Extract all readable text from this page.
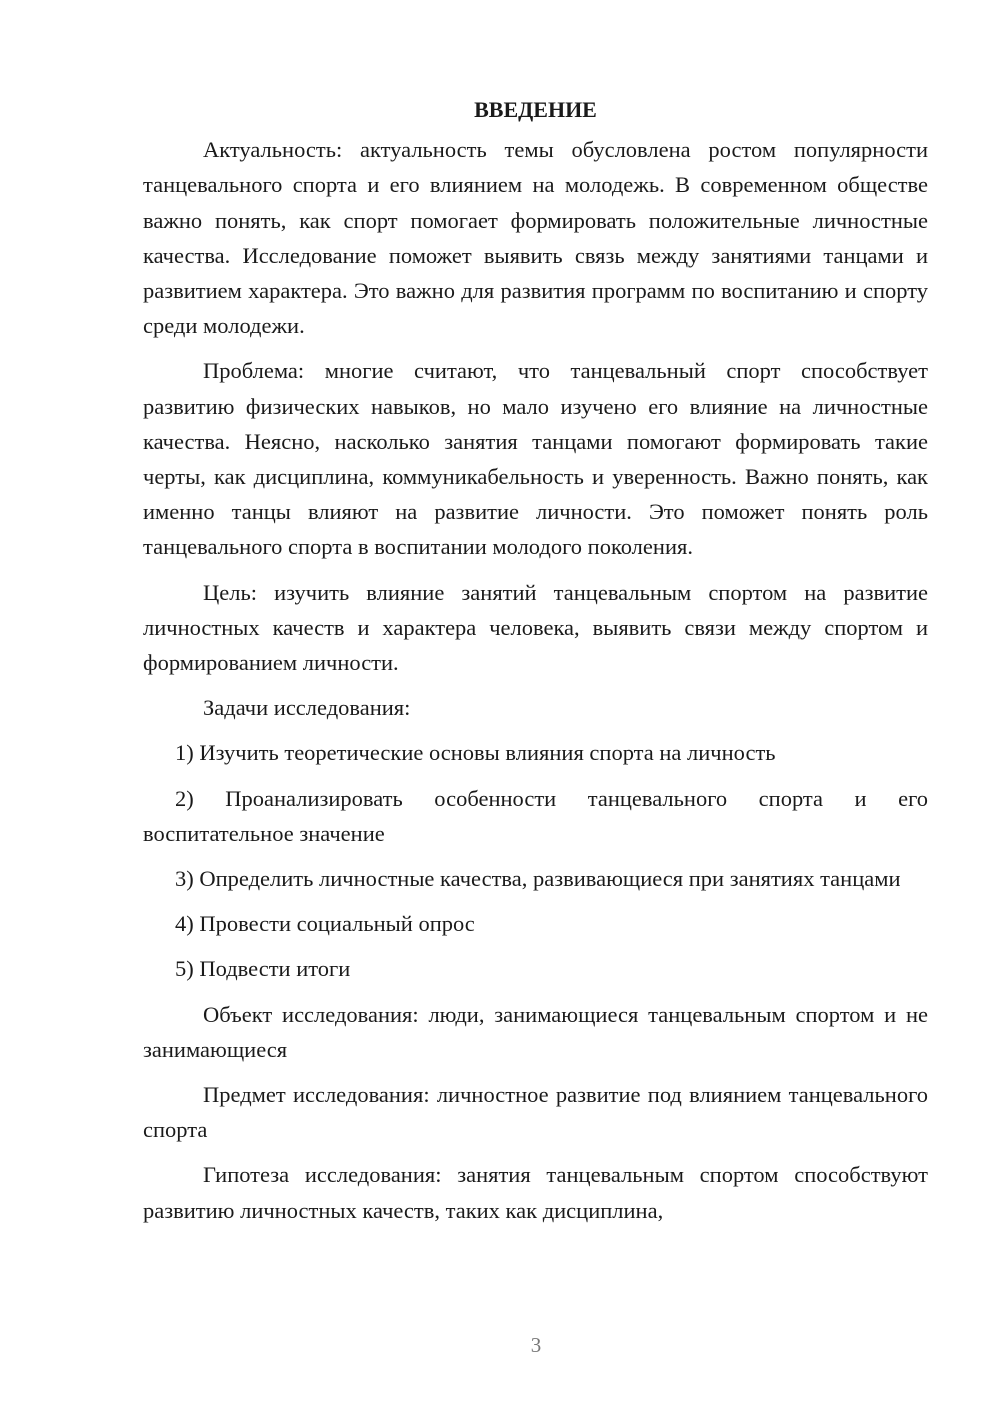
ВВЕДЕНИЕ

Актуальность: актуальность темы обусловлена ростом популярности танцевального спорта и его влиянием на молодежь. В современном обществе важно понять, как спорт помогает формировать положительные личностные качества. Исследование поможет выявить связь между занятиями танцами и развитием характера. Это важно для развития программ по воспитанию и спорту среди молодежи.

Проблема: многие считают, что танцевальный спорт способствует развитию физических навыков, но мало изучено его влияние на личностные качества. Неясно, насколько занятия танцами помогают формировать такие черты, как дисциплина, коммуникабельность и уверенность. Важно понять, как именно танцы влияют на развитие личности. Это поможет понять роль танцевального спорта в воспитании молодого поколения.

Цель: изучить влияние занятий танцевальным спортом на развитие личностных качеств и характера человека, выявить связи между спортом и формированием личности.

Задачи исследования:

1) Изучить теоретические основы влияния спорта на личность

2) Проанализировать особенности танцевального спорта и его воспитательное значение

3) Определить личностные качества, развивающиеся при занятиях танцами

4) Провести социальный опрос

5) Подвести итоги

Объект исследования: люди, занимающиеся танцевальным спортом и не занимающиеся

Предмет исследования: личностное развитие под влиянием танцевального спорта

Гипотеза исследования: занятия танцевальным спортом способствуют развитию личностных качеств, таких как дисциплина,

3
